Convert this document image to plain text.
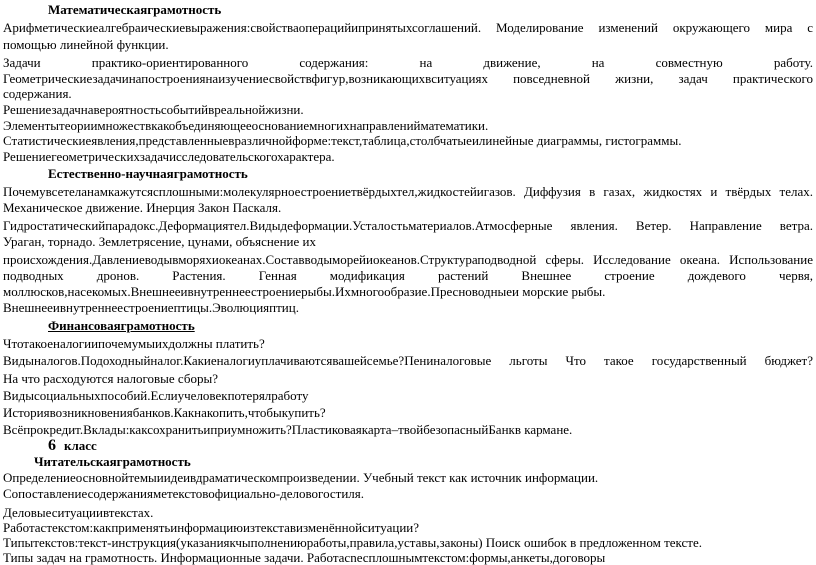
Математическаяграмотность
Арифметическиеалгебраическиевыражения:свойстваоперацийипринятыхсоглашений. Моделирование изменений окружающего мира с
помощью линейной функции.
Задачи практико-ориентированного содержания: на движение, на совместную работу.
Геометрическиезадачинапостроениянаизучениесвойствфигур,возникающихвситуациях повседневной жизни, задач практического
содержания.
Решениезадачнавероятностьсобытийвреальнойжизни.
Элементытеориимножествкакобъединяющееоснованиемногихнаправленийматематики.
Статистическиеявления,представленныевразличнойформе:текст,таблица,столбчатыеилинейные диаграммы, гистограммы.
Решениегеометрическихзадачисследовательскогохарактера.
Естественно-научнаяграмотность
Почемувсетеланамкажутсясплошными:молекулярноестроениетвёрдыхтел,жидкостейигазов. Диффузия в газах, жидкостях и твёрдых телах.
Механическое движение. Инерция Закон Паскаля.
Гидростатическийпарадокс.Деформациятел.Видыдеформации.Усталостьматериалов.Атмосферные явления. Ветер. Направление ветра.
Ураган, торнадо. Землетрясение, цунами, объяснение их
происхождения.Давлениеводывморяхиокеанах.Составводыморейиокеанов.Структураподводной сферы. Исследование океана. Использование
подводных дронов. Растения. Генная модификация растений Внешнее строение дождевого червя,
моллюсков,насекомых.Внешнееивнутреннеестроениерыбы.Ихмногообразие.Пресноводныеи морские рыбы.
Внешнееивнутреннеестроениептицы.Эволюцияптиц.
Финансоваяграмотность
Чтотакоеналогиипочемумыихдолжны платить?
Видыналогов.Подоходныйналог.Какиеналогиуплачиваютсявашейсемье?Пениналоговые льготы Что такое государственный бюджет?
На что расходуются налоговые сборы?
Видысоциальныхпособий.Еслиучеловекпотерялработу
Историявозникновениябанков.Какнакопить,чтобыкупить?
Всёпрокредит.Вклады:каксохранитьиприумножить?Пластиковаякарта–твойбезопасныйБанкв кармане.
6 класс
Читательскаяграмотность
Определениеосновнойтемыиидеивдраматическомпроизведении. Учебный текст как источник информации.
Сопоставлениесодержанияметекстовофициально-деловогостиля.
Деловыеситуациивтекстах.
Работастекстом:какприменятьинформациюизтекставизменённойситуации?
Типытекстов:текст-инструкция(указаниякчыполнениюработы,правила,уставы,законы) Поиск ошибок в предложенном тексте.
Типы задач на грамотность. Информационные задачи. Работасnесплошнымтекстом:формы,анкеты,договоры
